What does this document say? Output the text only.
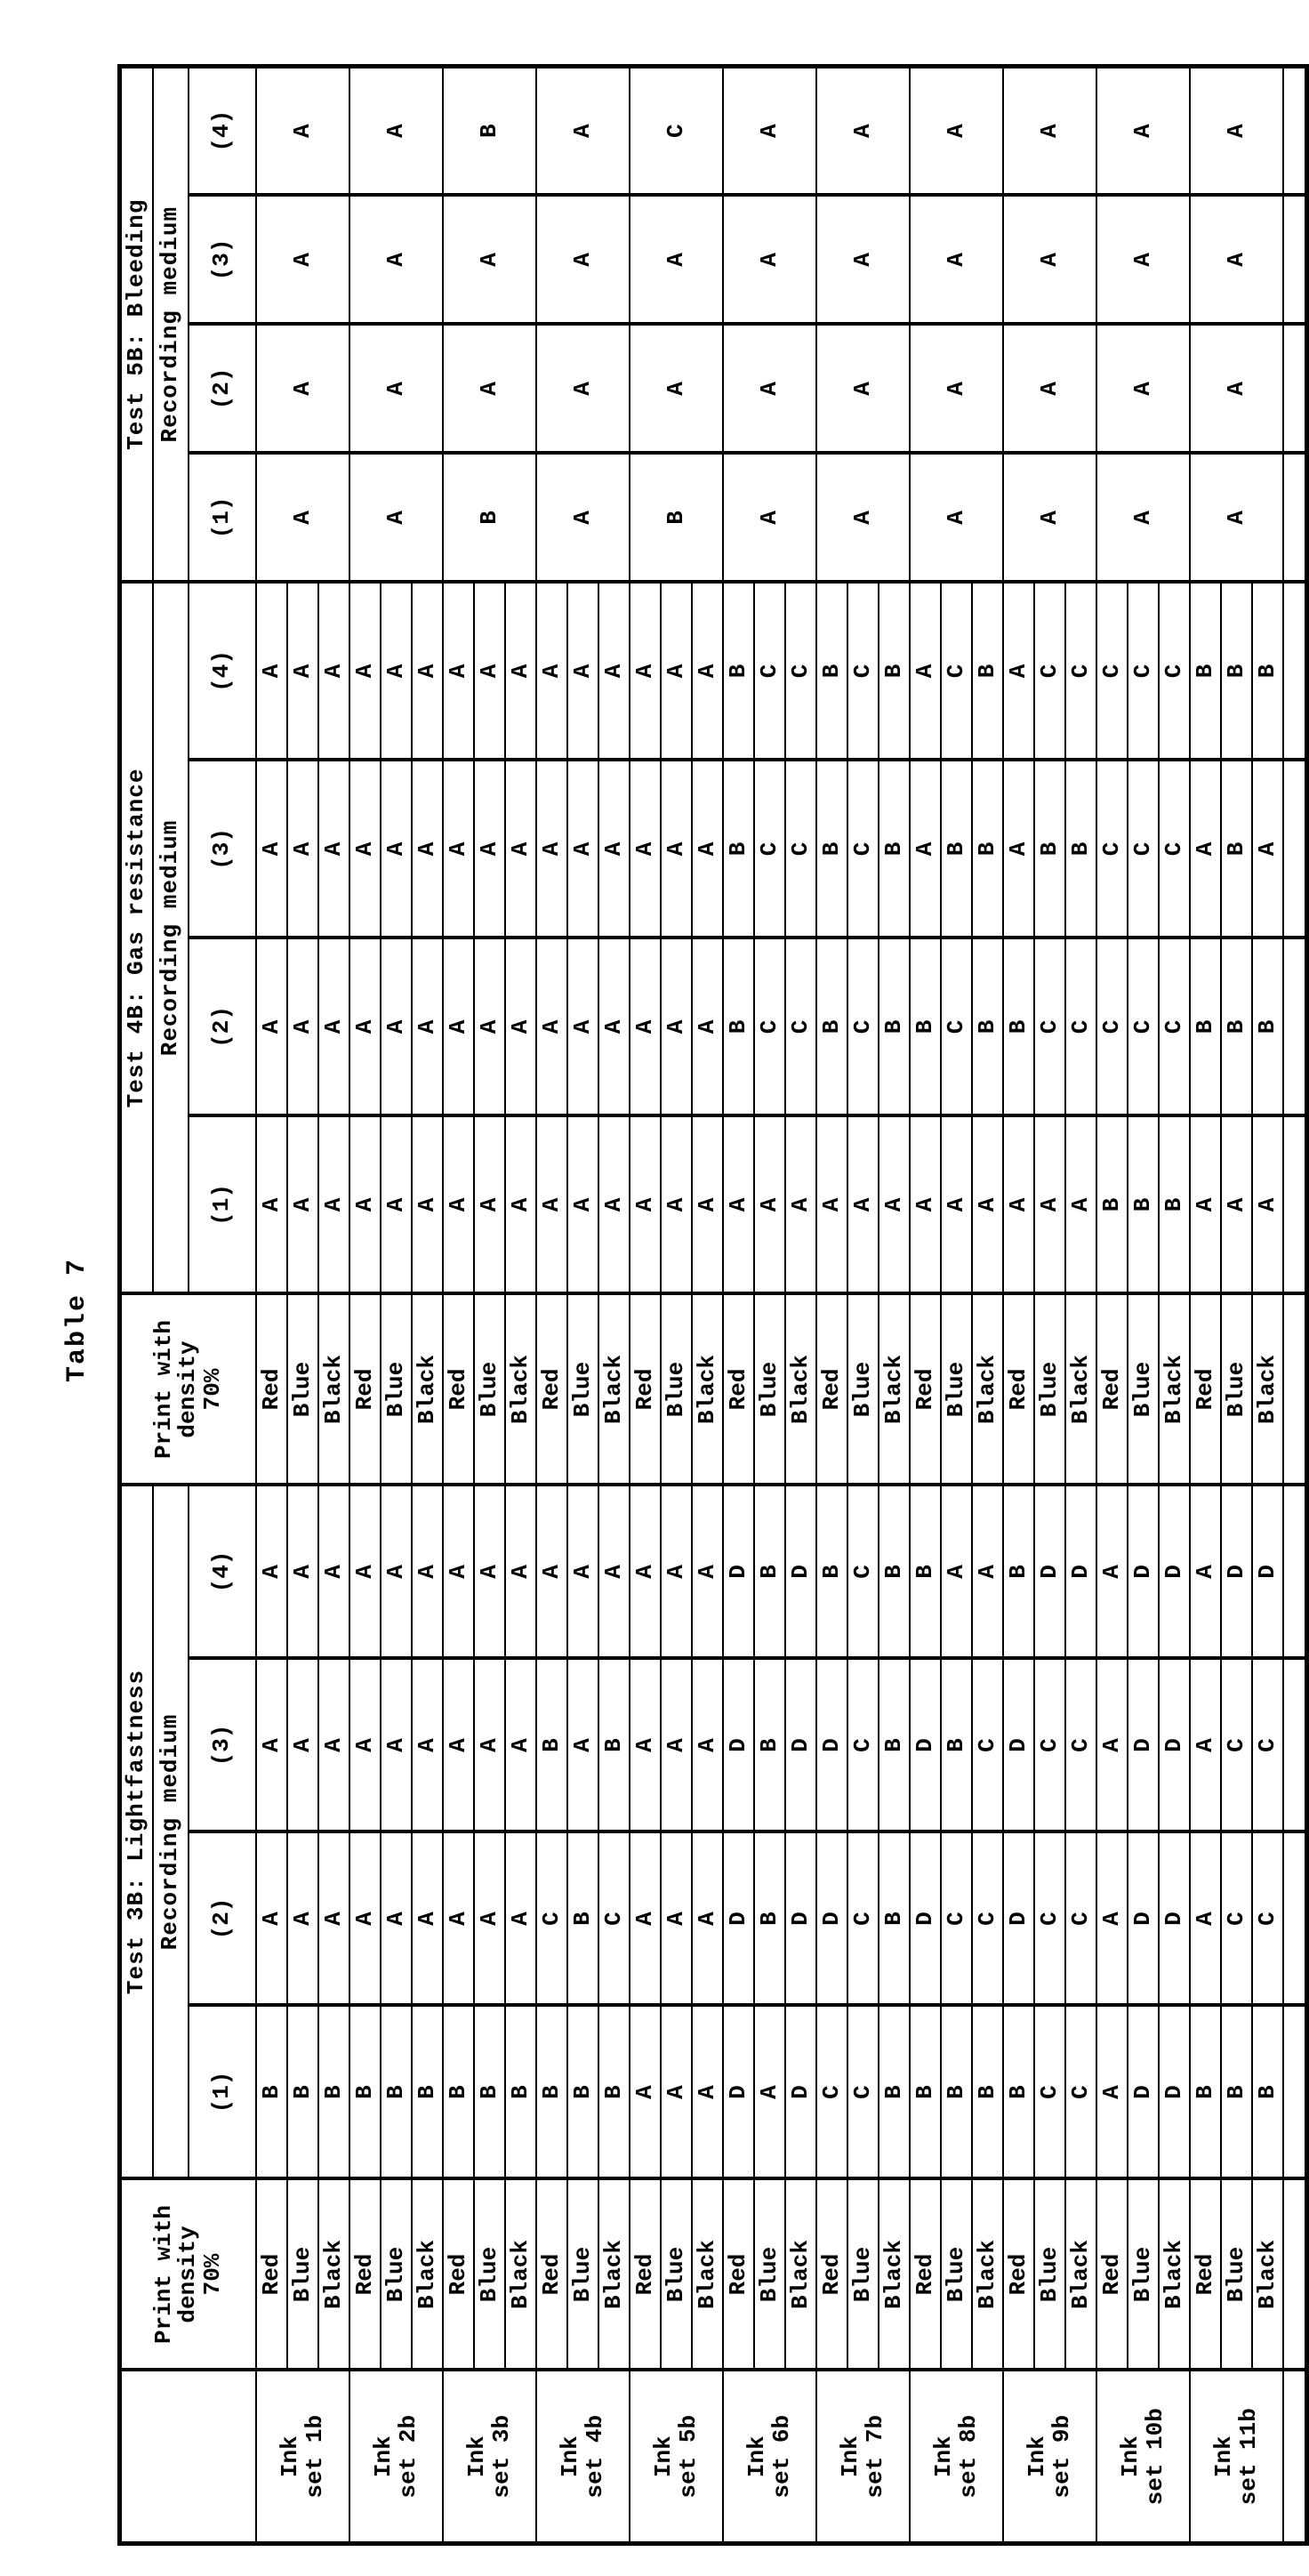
Table 7
	Print with
density
70%	Test 3B: Lightfastness				Print with
density
70%	Test 4B: Gas resistance				Test 5B: Bleeding			
		Recording medium					Recording medium				Recording medium			
		(1)	(2)	(3)	(4)		(1)	(2)	(3)	(4)	(1)	(2)	(3)	(4)
Ink
set 1b	Red	B	A	A	A	Red	A	A	A	A	A	A	A	A
	Blue	B	A	A	A	Blue	A	A	A	A				
	Black	B	A	A	A	Black	A	A	A	A				
Ink
set 2b	Red	B	A	A	A	Red	A	A	A	A	A	A	A	A
	Blue	B	A	A	A	Blue	A	A	A	A				
	Black	B	A	A	A	Black	A	A	A	A				
Ink
set 3b	Red	B	A	A	A	Red	A	A	A	A	B	A	A	B
	Blue	B	A	A	A	Blue	A	A	A	A				
	Black	B	A	A	A	Black	A	A	A	A				
Ink
set 4b	Red	B	C	B	A	Red	A	A	A	A	A	A	A	A
	Blue	B	B	A	A	Blue	A	A	A	A				
	Black	B	C	B	A	Black	A	A	A	A				
Ink
set 5b	Red	A	A	A	A	Red	A	A	A	A	B	A	A	C
	Blue	A	A	A	A	Blue	A	A	A	A				
	Black	A	A	A	A	Black	A	A	A	A				
Ink
set 6b	Red	D	D	D	D	Red	A	B	B	B	A	A	A	A
	Blue	A	B	B	B	Blue	A	C	C	C				
	Black	D	D	D	D	Black	A	C	C	C				
Ink
set 7b	Red	C	D	D	B	Red	A	B	B	B	A	A	A	A
	Blue	C	C	C	C	Blue	A	C	C	C				
	Black	B	B	B	B	Black	A	B	B	B				
Ink
set 8b	Red	B	D	D	B	Red	A	B	A	A	A	A	A	A
	Blue	B	C	B	A	Blue	A	C	B	C				
	Black	B	C	C	A	Black	A	B	B	B				
Ink
set 9b	Red	B	D	D	B	Red	A	B	A	A	A	A	A	A
	Blue	C	C	C	D	Blue	A	C	B	C				
	Black	C	C	C	D	Black	A	C	B	C				
Ink
set 10b	Red	A	A	A	A	Red	B	C	C	C	A	A	A	A
	Blue	D	D	D	D	Blue	B	C	C	C				
	Black	D	D	D	D	Black	B	C	C	C				
Ink
set 11b	Red	B	A	A	A	Red	A	B	A	B	A	A	A	A
	Blue	B	C	C	D	Blue	A	B	B	B				
	Black	B	C	C	D	Black	A	B	A	B				
